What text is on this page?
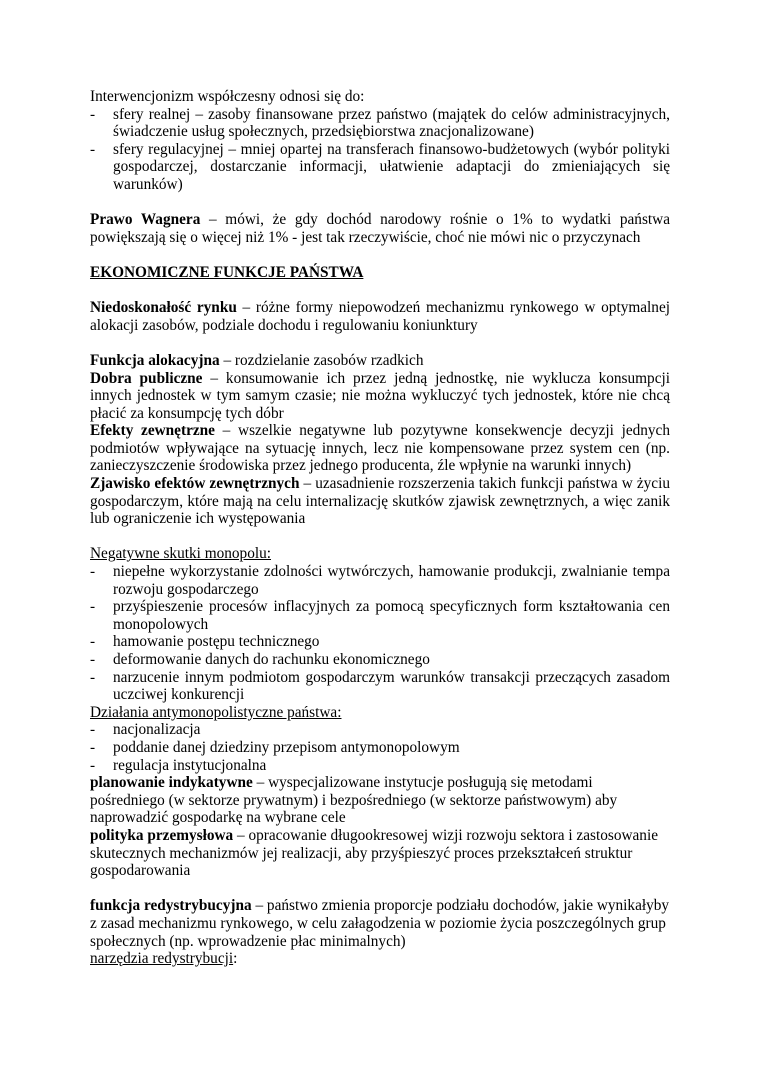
Interwencjonizm współczesny odnosi się do:

- sfery realnej – zasoby finansowane przez państwo (majątek do celów administracyjnych, świadczenie usług społecznych, przedsiębiorstwa znacjonalizowane)
- sfery regulacyjnej – mniej opartej na transferach finansowo-budżetowych (wybór polityki gospodarczej, dostarczanie informacji, ułatwienie adaptacji do zmieniających się warunków)

Prawo Wagnera – mówi, że gdy dochód narodowy rośnie o 1% to wydatki państwa powiększają się o więcej niż 1% - jest tak rzeczywiście, choć nie mówi nic o przyczynach

EKONOMICZNE FUNKCJE PAŃSTWA

Niedoskonałość rynku – różne formy niepowodzeń mechanizmu rynkowego w optymalnej alokacji zasobów, podziale dochodu i regulowaniu koniunktury

Funkcja alokacyjna – rozdzielanie zasobów rzadkich

Dobra publiczne – konsumowanie ich przez jedną jednostkę, nie wyklucza konsumpcji innych jednostek w tym samym czasie; nie można wykluczyć tych jednostek, które nie chcą płacić za konsumpcję tych dóbr

Efekty zewnętrzne – wszelkie negatywne lub pozytywne konsekwencje decyzji jednych podmiotów wpływające na sytuację innych, lecz nie kompensowane przez system cen (np. zanieczyszczenie środowiska przez jednego producenta, źle wpłynie na warunki innych)

Zjawisko efektów zewnętrznych – uzasadnienie rozszerzenia takich funkcji państwa w życiu gospodarczym, które mają na celu internalizację skutków zjawisk zewnętrznych, a więc zanik lub ograniczenie ich występowania

Negatywne skutki monopolu:

- niepełne wykorzystanie zdolności wytwórczych, hamowanie produkcji, zwalnianie tempa rozwoju gospodarczego
- przyśpieszenie procesów inflacyjnych za pomocą specyficznych form kształtowania cen monopolowych
- hamowanie postępu technicznego
- deformowanie danych do rachunku ekonomicznego
- narzucenie innym podmiotom gospodarczym warunków transakcji przeczących zasadom uczciwej konkurencji

Działania antymonopolistyczne państwa:

- nacjonalizacja
- poddanie danej dziedziny przepisom antymonopolowym
- regulacja instytucjonalna

planowanie indykatywne – wyspecjalizowane instytucje posługują się metodami pośredniego (w sektorze prywatnym) i bezpośredniego (w sektorze państwowym) aby naprowadzić gospodarkę na wybrane cele

polityka przemysłowa – opracowanie długookresowej wizji rozwoju sektora i zastosowanie skutecznych mechanizmów jej realizacji, aby przyśpieszyć proces przekształceń struktur gospodarowania

funkcja redystrybucyjna – państwo zmienia proporcje podziału dochodów, jakie wynikałyby z zasad mechanizmu rynkowego, w celu załagodzenia w poziomie życia poszczególnych grup społecznych (np. wprowadzenie płac minimalnych)

narzędzia redystrybucji:
